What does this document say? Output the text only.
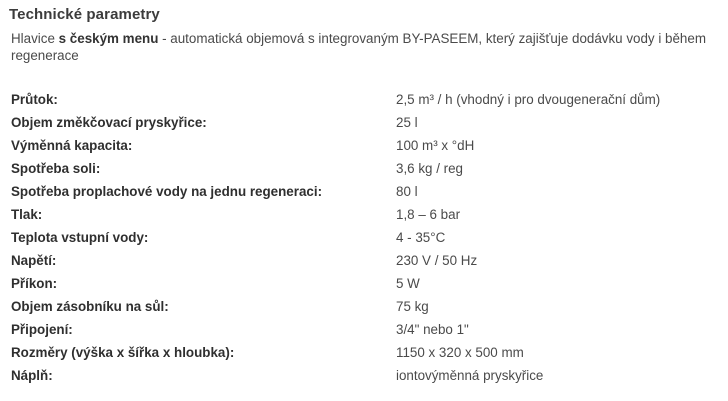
Technické parametry
Hlavice s českým menu - automatická objemová s integrovaným BY-PASEEM, který zajišťuje dodávku vody i během regenerace
Průtok:	2,5 m³ / h (vhodný i pro dvougenerační dům)
Objem změkčovací pryskyřice:	25 l
Výměnná kapacita:	100 m³ x °dH
Spotřeba soli:	3,6 kg / reg
Spotřeba proplachové vody na jednu regeneraci:	80 l
Tlak:	1,8 – 6 bar
Teplota vstupní vody:	4 - 35°C
Napětí:	230 V / 50 Hz
Příkon:	5 W
Objem zásobníku na sůl:	75 kg
Připojení:	3/4" nebo 1"
Rozměry (výška x šířka x hloubka):	1150 x 320 x 500 mm
Náplň:	iontovýměnná pryskyřice
